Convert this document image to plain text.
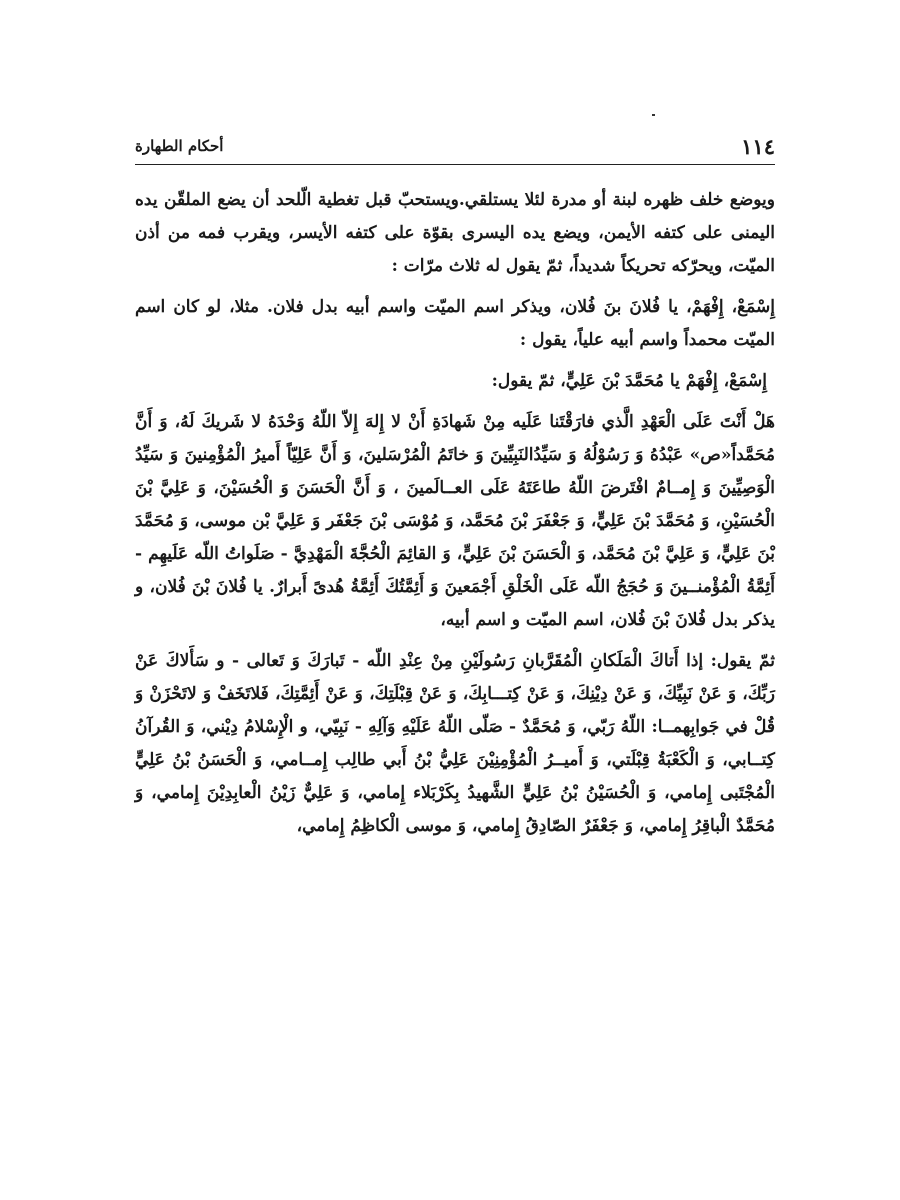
١١٤
أحكام الطهارة

ويوضع خلف ظهره لبنة أو مدرة لئلا يستلقي.ويستحبّ قبل تغطية الّلحد أن يضع الملقّن يده اليمنى على كتفه الأيمن، ويضع يده اليسرى بقوّة على كتفه الأيسر، ويقرب فمه من أذن الميّت، ويحرّكه تحريكاً شديداً، ثمّ يقول له ثلاث مرّات :

إِسْمَعْ، إِفْهَمْ، يا فُلانَ بنَ فُلان، ويذكر اسم الميّت واسم أبيه بدل فلان. مثلا، لو كان اسم الميّت محمداً واسم أبيه علياً، يقول :

إِسْمَعْ، إِفْهَمْ يا مُحَمَّدَ بْنَ عَلِيٍّ، ثمّ يقول:

هَلْ أَنْتَ عَلَى الْعَهْدِ الَّذي فارَقْتَنا عَلَيه مِنْ شَهادَةِ أَنْ لا إِلهَ إِلاّ اللّهُ وَحْدَهُ لا شَريكَ لَهُ، وَ أَنَّ مُحَمَّداً«ص» عَبْدُهُ وَ رَسُوْلُهُ وَ سَيِّدُالنَبِيِّينَ وَ خاتَمُ الْمُرْسَلينَ، وَ أَنَّ عَلِيّاً أَميرُ الْمُؤْمِنينَ وَ سَيِّدُ الْوَصِيِّينَ وَ إِمــامٌ افْتَرضَ اللّهُ طاعَتَهُ عَلَى العــالَمينَ ، وَ أَنَّ الْحَسَنَ وَ الْحُسَيْنَ، وَ عَلِيَّ بْنَ الْحُسَيْنِ، وَ مُحَمَّدَ بْنَ عَلِيٍّ، وَ جَعْفَرَ بْنَ مُحَمَّد، وَ مُوْسَى بْنَ جَعْفَر وَ عَلِيَّ بْن موسى، وَ مُحَمَّدَ بْنَ عَلِيٍّ، وَ عَلِيَّ بْنَ مُحَمَّد، وَ الْحَسَنَ بْنَ عَلِيٍّ، وَ القائِمَ الْحُجَّةَ الْمَهْدِيَّ - صَلَواتُ اللّه عَلَيهِم - أَئِمَّةُ الْمُؤْمنــينَ وَ حُجَجُ اللّه عَلَى الْخَلْقِ أَجْمَعينَ وَ أَئِمَّتُكَ أَئِمَّةُ هُدىً أَبرارٌ. يا فُلانَ بْنَ فُلان، و يذكر بدل فُلانَ بْنَ فُلان، اسم الميّت و اسم أبيه،

ثمّ يقول: إذا أَتاكَ الْمَلَكانِ الْمُقَرَّبانِ رَسُولَيْنِ مِنْ عِنْدِ اللّه - تَبارَكَ وَ تَعالى - و سَأَلاكَ عَنْ رَبِّكَ، وَ عَنْ نَبِيِّكَ، وَ عَنْ دِيْنِكَ، وَ عَنْ كِتـــابِكَ، وَ عَنْ قِبْلَتِكَ، وَ عَنْ أَئِمَّتِكَ، فَلاتَخَفْ وَ لاتَحْزَنْ وَ قُلْ في جَوابِهمــا: اللّهُ رَبّي، وَ مُحَمَّدٌ - صَلّى اللّهُ عَلَيْهِ وَآلِهِ - نَبِيّي، و الْإِسْلامُ دِيْني، وَ القُرآنُ كِتــابي، وَ الْكَعْبَةُ قِبْلَتي، وَ أَميــرُ الْمُؤْمِنِيْنَ عَلِيُّ بْنُ أَبي طالِب إِمــامي، وَ الْحَسَنُ بْنُ عَلِيٍّ الْمُجْتَبى إِمامي، وَ الْحُسَيْنُ بْنُ عَلِيٍّ الشَّهيدُ بِكَرْبَلاء إِمامي، وَ عَلِيٌّ زَيْنُ الْعابِدِيْنَ إِمامي، وَ مُحَمَّدٌ الْباقِرُ إِمامي، وَ جَعْفَرٌ الصّادِقُ إِمامي، وَ موسى الْكاظِمُ إِمامي،
